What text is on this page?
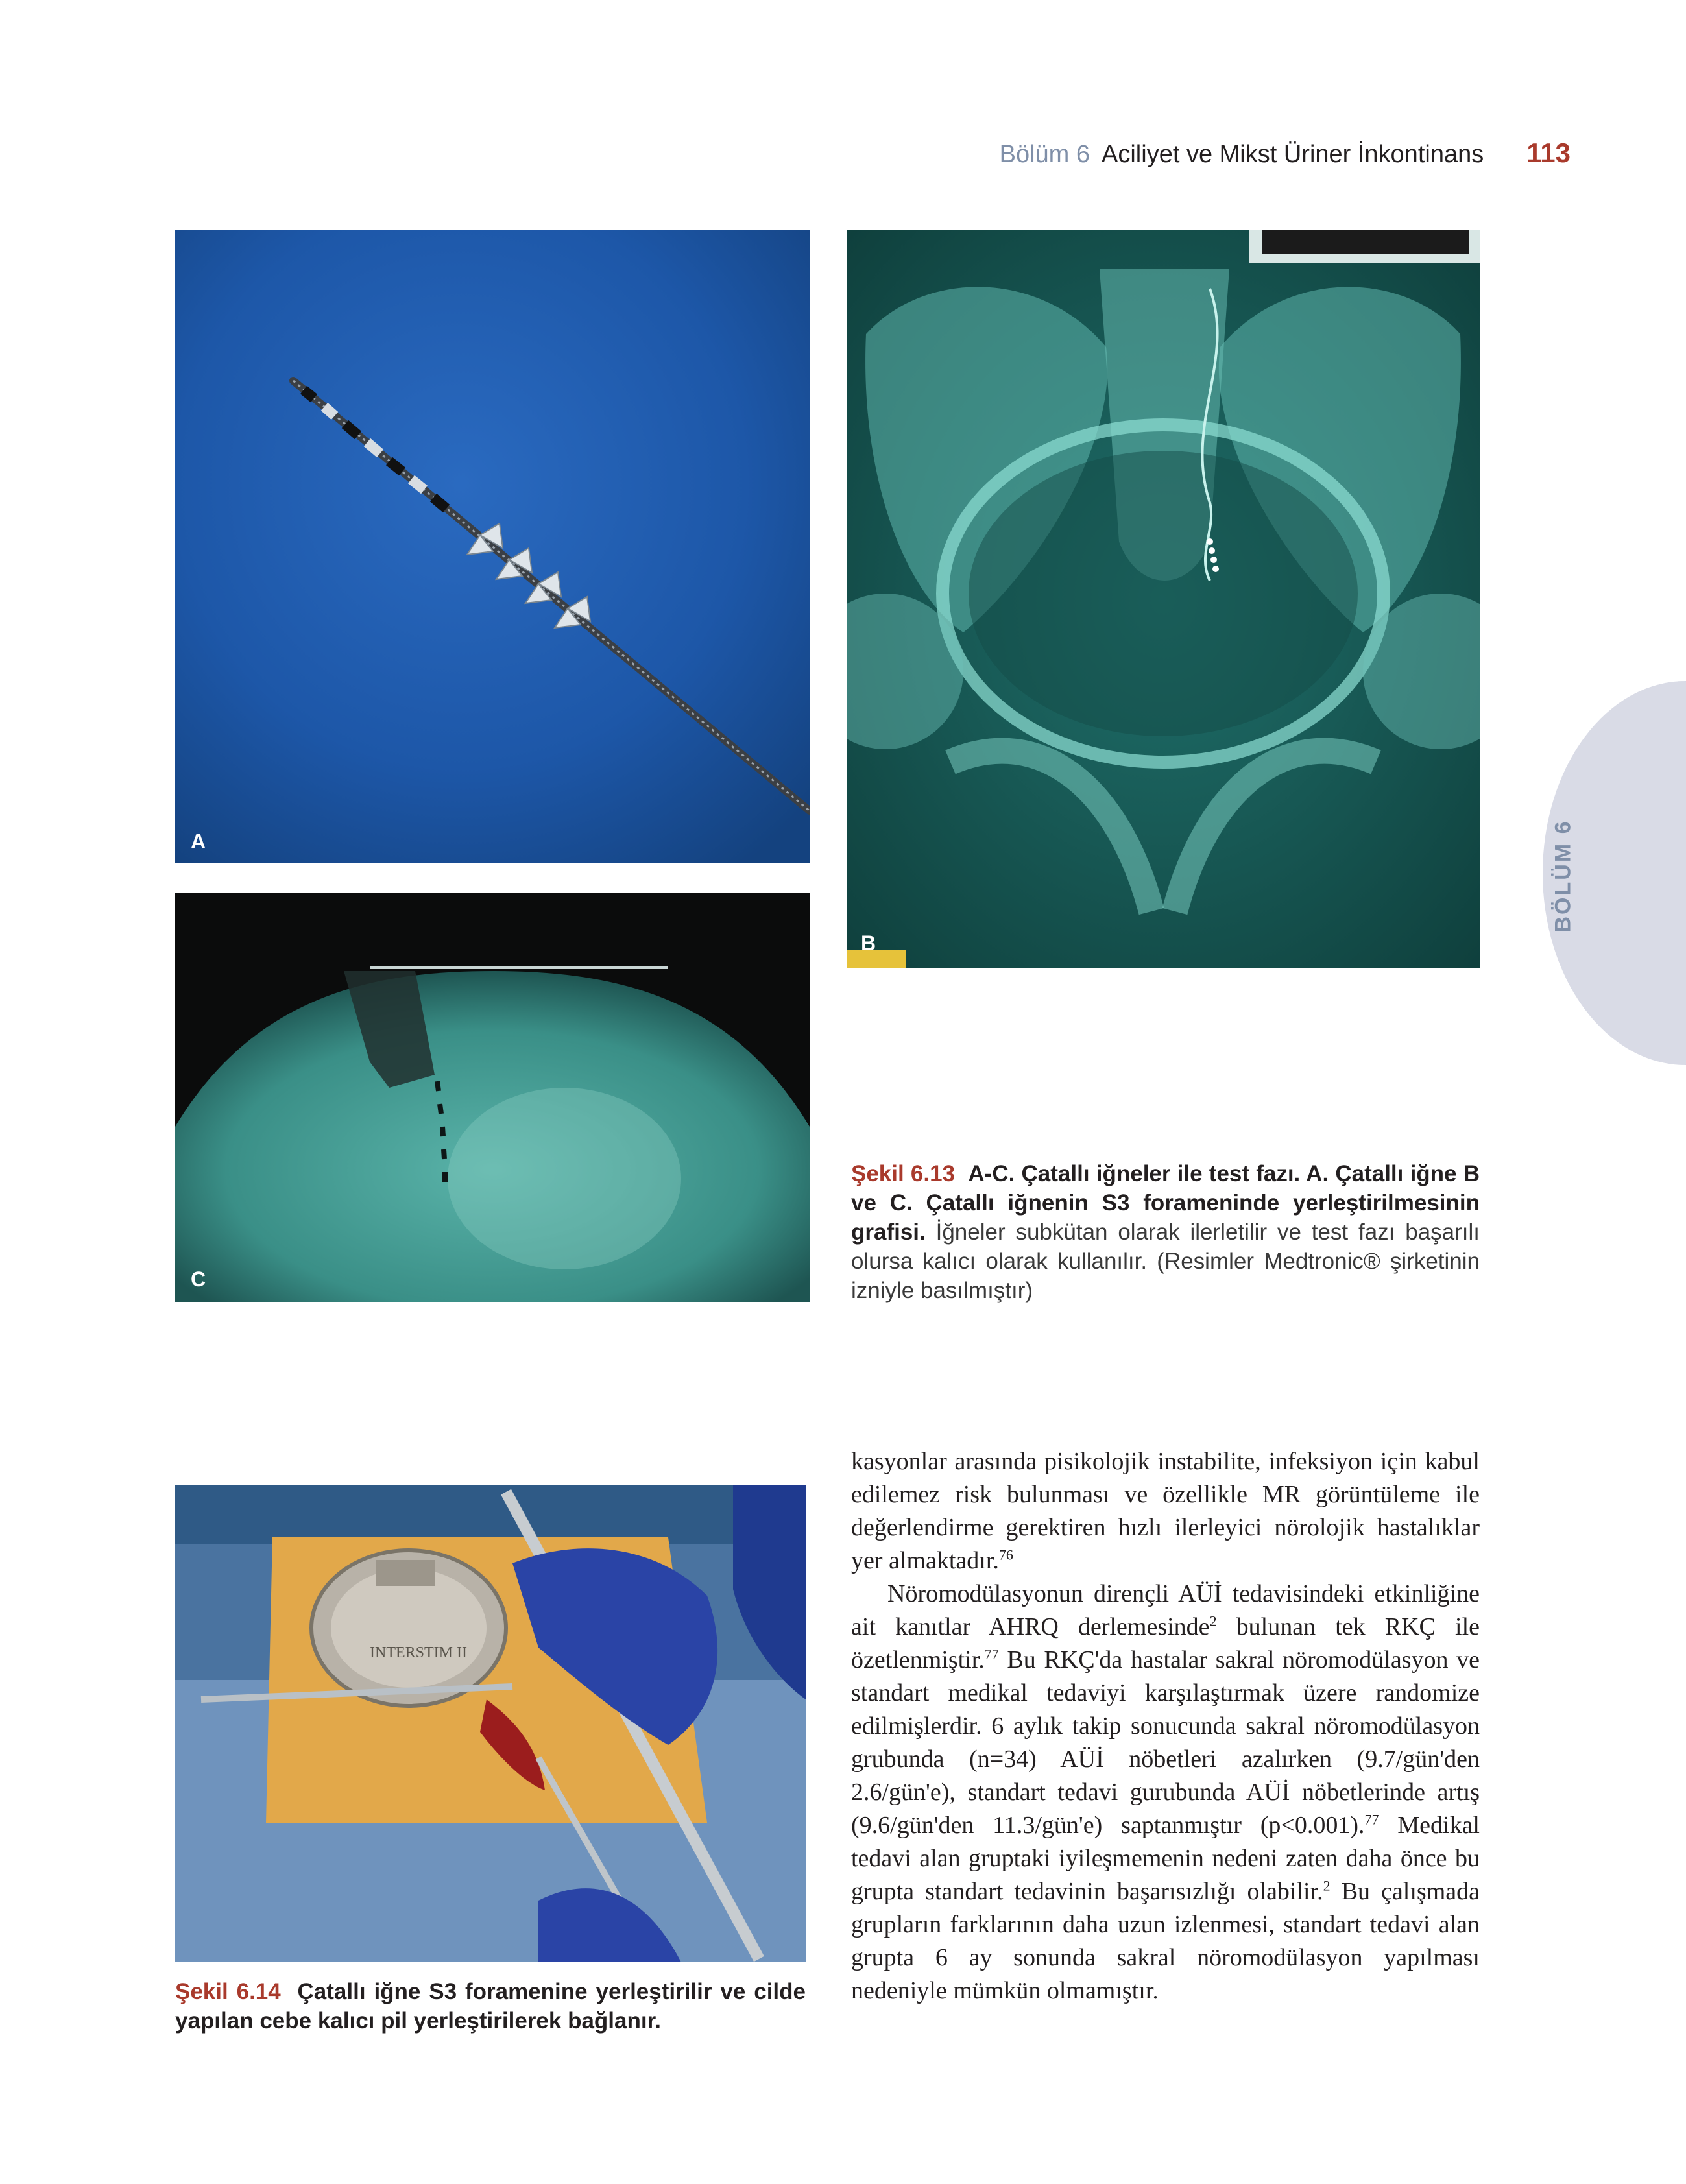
Bölüm 6 Aciliyet ve Mikst Üriner İnkontinans 113
BÖLÜM 6
A
B
C
Şekil 6.13 A-C. Çatallı iğneler ile test fazı. A. Çatallı iğne B ve C. Çatallı iğnenin S3 forameninde yerleştirilmesinin grafisi. İğneler subkütan olarak ilerletilir ve test fazı başarılı olursa kalıcı olarak kullanılır. (Resimler Medtronic® şirketinin izniyle basılmıştır)
INTERSTIM II
Şekil 6.14 Çatallı iğne S3 foramenine yerleştirilir ve cilde yapılan cebe kalıcı pil yerleştirilerek bağlanır.

kasyonlar arasında pisikolojik instabilite, infeksiyon için kabul edilemez risk bulunması ve özellikle MR görüntüleme ile değerlendirme gerektiren hızlı ilerleyici nörolojik hastalıklar yer almaktadır.$^{76}$

Nöromodülasyonun dirençli AÜİ tedavisindeki etkinliğine ait kanıtlar AHRQ derlemesinde$^2$ bulunan tek RKÇ ile özetlenmiştir.$^{77}$ Bu RKÇ'da hastalar sakral nöromodülasyon ve standart medikal tedaviyi karşılaştırmak üzere randomize edilmişlerdir. 6 aylık takip sonucunda sakral nöromodülasyon grubunda (n=34) AÜİ nöbetleri azalırken (9.7/gün'den 2.6/gün'e), standart tedavi gurubunda AÜİ nöbetlerinde artış (9.6/gün'den 11.3/gün'e) saptanmıştır (p<0.001).$^{77}$ Medikal tedavi alan gruptaki iyileşmemenin nedeni zaten daha önce bu grupta standart tedavinin başarısızlığı olabilir.$^2$ Bu çalışmada grupların farklarının daha uzun izlenmesi, standart tedavi alan grupta 6 ay sonunda sakral nöromodülasyon yapılması nedeniyle mümkün olmamıştır.
